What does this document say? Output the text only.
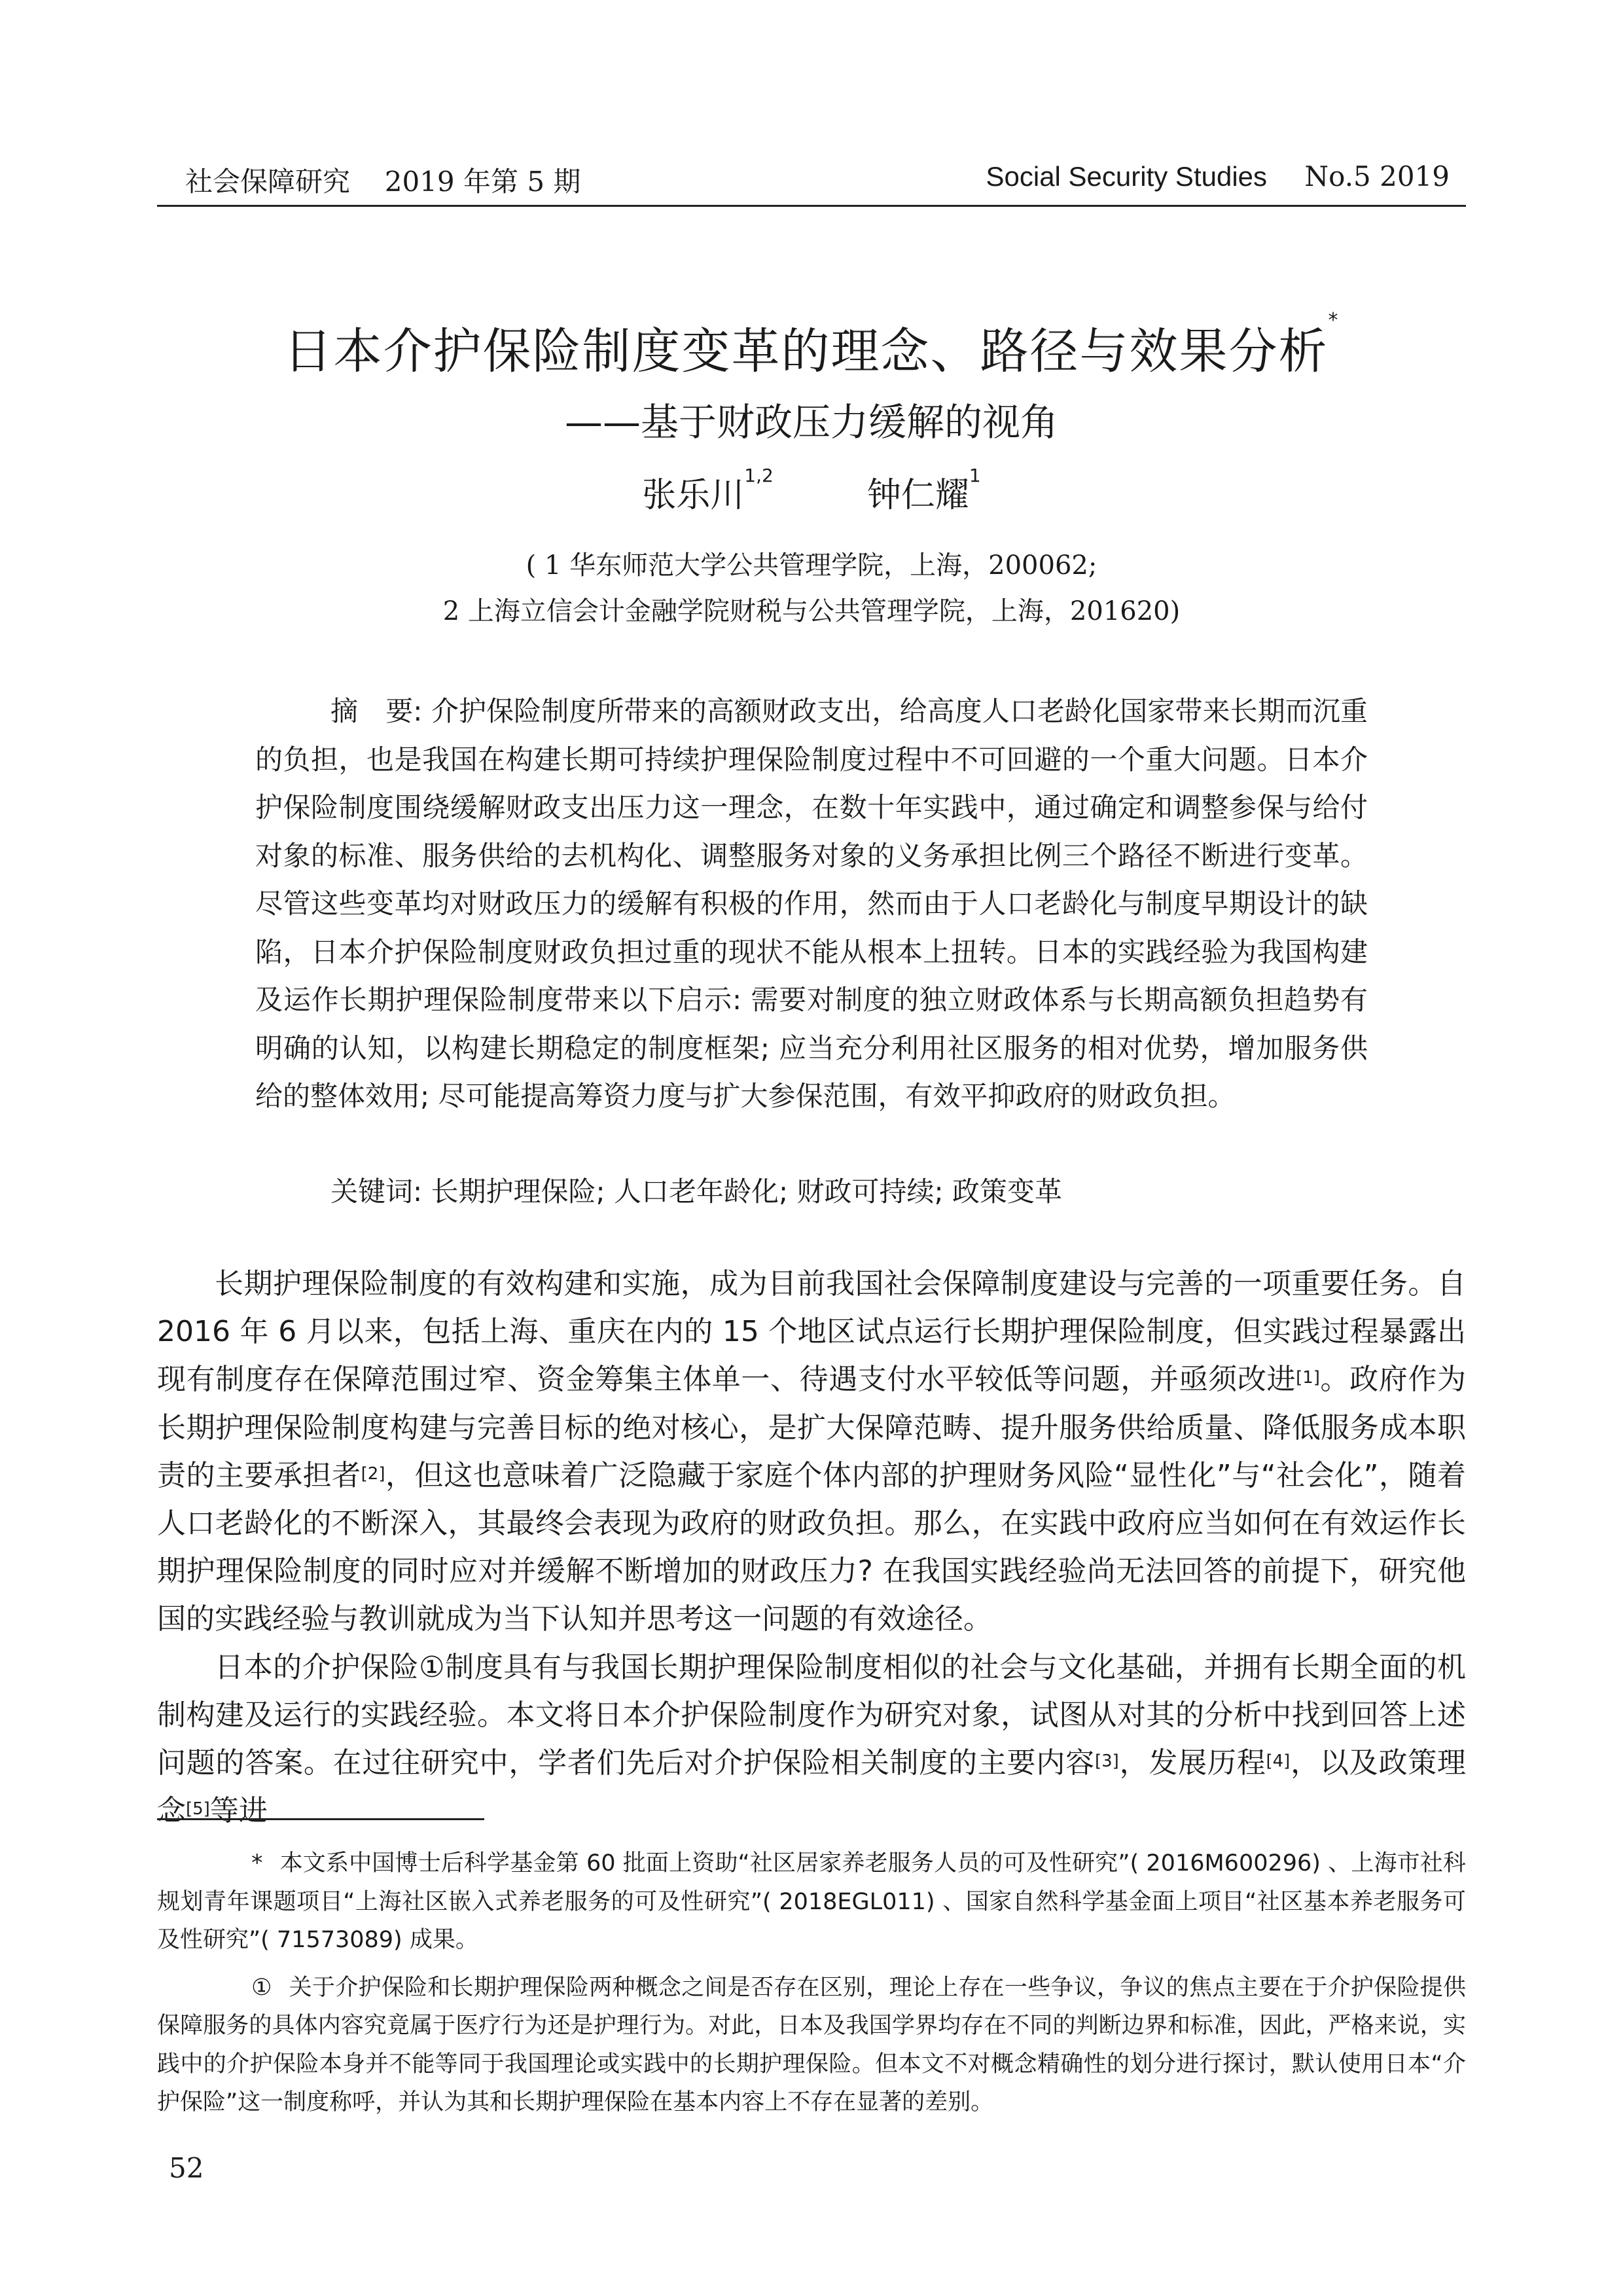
社会保障研究 2019 年第 5 期	Social Security Studies No.5 2019
日本介护保险制度变革的理念、路径与效果分析*
——基于财政压力缓解的视角
张乐川$^{1,2}$  钟仁耀$^1$
( 1 华东师范大学公共管理学院，上海，200062;
2 上海立信会计金融学院财税与公共管理学院，上海，201620)

摘　要: 介护保险制度所带来的高额财政支出，给高度人口老龄化国家带来长期而沉重的负担，也是我国在构建长期可持续护理保险制度过程中不可回避的一个重大问题。日本介护保险制度围绕缓解财政支出压力这一理念，在数十年实践中，通过确定和调整参保与给付对象的标准、服务供给的去机构化、调整服务对象的义务承担比例三个路径不断进行变革。尽管这些变革均对财政压力的缓解有积极的作用，然而由于人口老龄化与制度早期设计的缺陷，日本介护保险制度财政负担过重的现状不能从根本上扭转。日本的实践经验为我国构建及运作长期护理保险制度带来以下启示: 需要对制度的独立财政体系与长期高额负担趋势有明确的认知，以构建长期稳定的制度框架; 应当充分利用社区服务的相对优势，增加服务供给的整体效用; 尽可能提高筹资力度与扩大参保范围，有效平抑政府的财政负担。

关键词: 长期护理保险; 人口老年龄化; 财政可持续; 政策变革

长期护理保险制度的有效构建和实施，成为目前我国社会保障制度建设与完善的一项重要任务。自 2016 年 6 月以来，包括上海、重庆在内的 15 个地区试点运行长期护理保险制度，但实践过程暴露出现有制度存在保障范围过窄、资金筹集主体单一、待遇支付水平较低等问题，并亟须改进[1]。政府作为长期护理保险制度构建与完善目标的绝对核心，是扩大保障范畴、提升服务供给质量、降低服务成本职责的主要承担者[2]，但这也意味着广泛隐藏于家庭个体内部的护理财务风险“显性化”与“社会化”，随着人口老龄化的不断深入，其最终会表现为政府的财政负担。那么，在实践中政府应当如何在有效运作长期护理保险制度的同时应对并缓解不断增加的财政压力? 在我国实践经验尚无法回答的前提下，研究他国的实践经验与教训就成为当下认知并思考这一问题的有效途径。

日本的介护保险①制度具有与我国长期护理保险制度相似的社会与文化基础，并拥有长期全面的机制构建及运行的实践经验。本文将日本介护保险制度作为研究对象，试图从对其的分析中找到回答上述问题的答案。在过往研究中，学者们先后对介护保险相关制度的主要内容[3]，发展历程[4]，以及政策理念[5]等进

* 本文系中国博士后科学基金第 60 批面上资助“社区居家养老服务人员的可及性研究”( 2016M600296) 、上海市社科规划青年课题项目“上海社区嵌入式养老服务的可及性研究”( 2018EGL011) 、国家自然科学基金面上项目“社区基本养老服务可及性研究”( 71573089) 成果。

① 关于介护保险和长期护理保险两种概念之间是否存在区别，理论上存在一些争议，争议的焦点主要在于介护保险提供保障服务的具体内容究竟属于医疗行为还是护理行为。对此，日本及我国学界均存在不同的判断边界和标准，因此，严格来说，实践中的介护保险本身并不能等同于我国理论或实践中的长期护理保险。但本文不对概念精确性的划分进行探讨，默认使用日本“介护保险”这一制度称呼，并认为其和长期护理保险在基本内容上不存在显著的差别。

52
